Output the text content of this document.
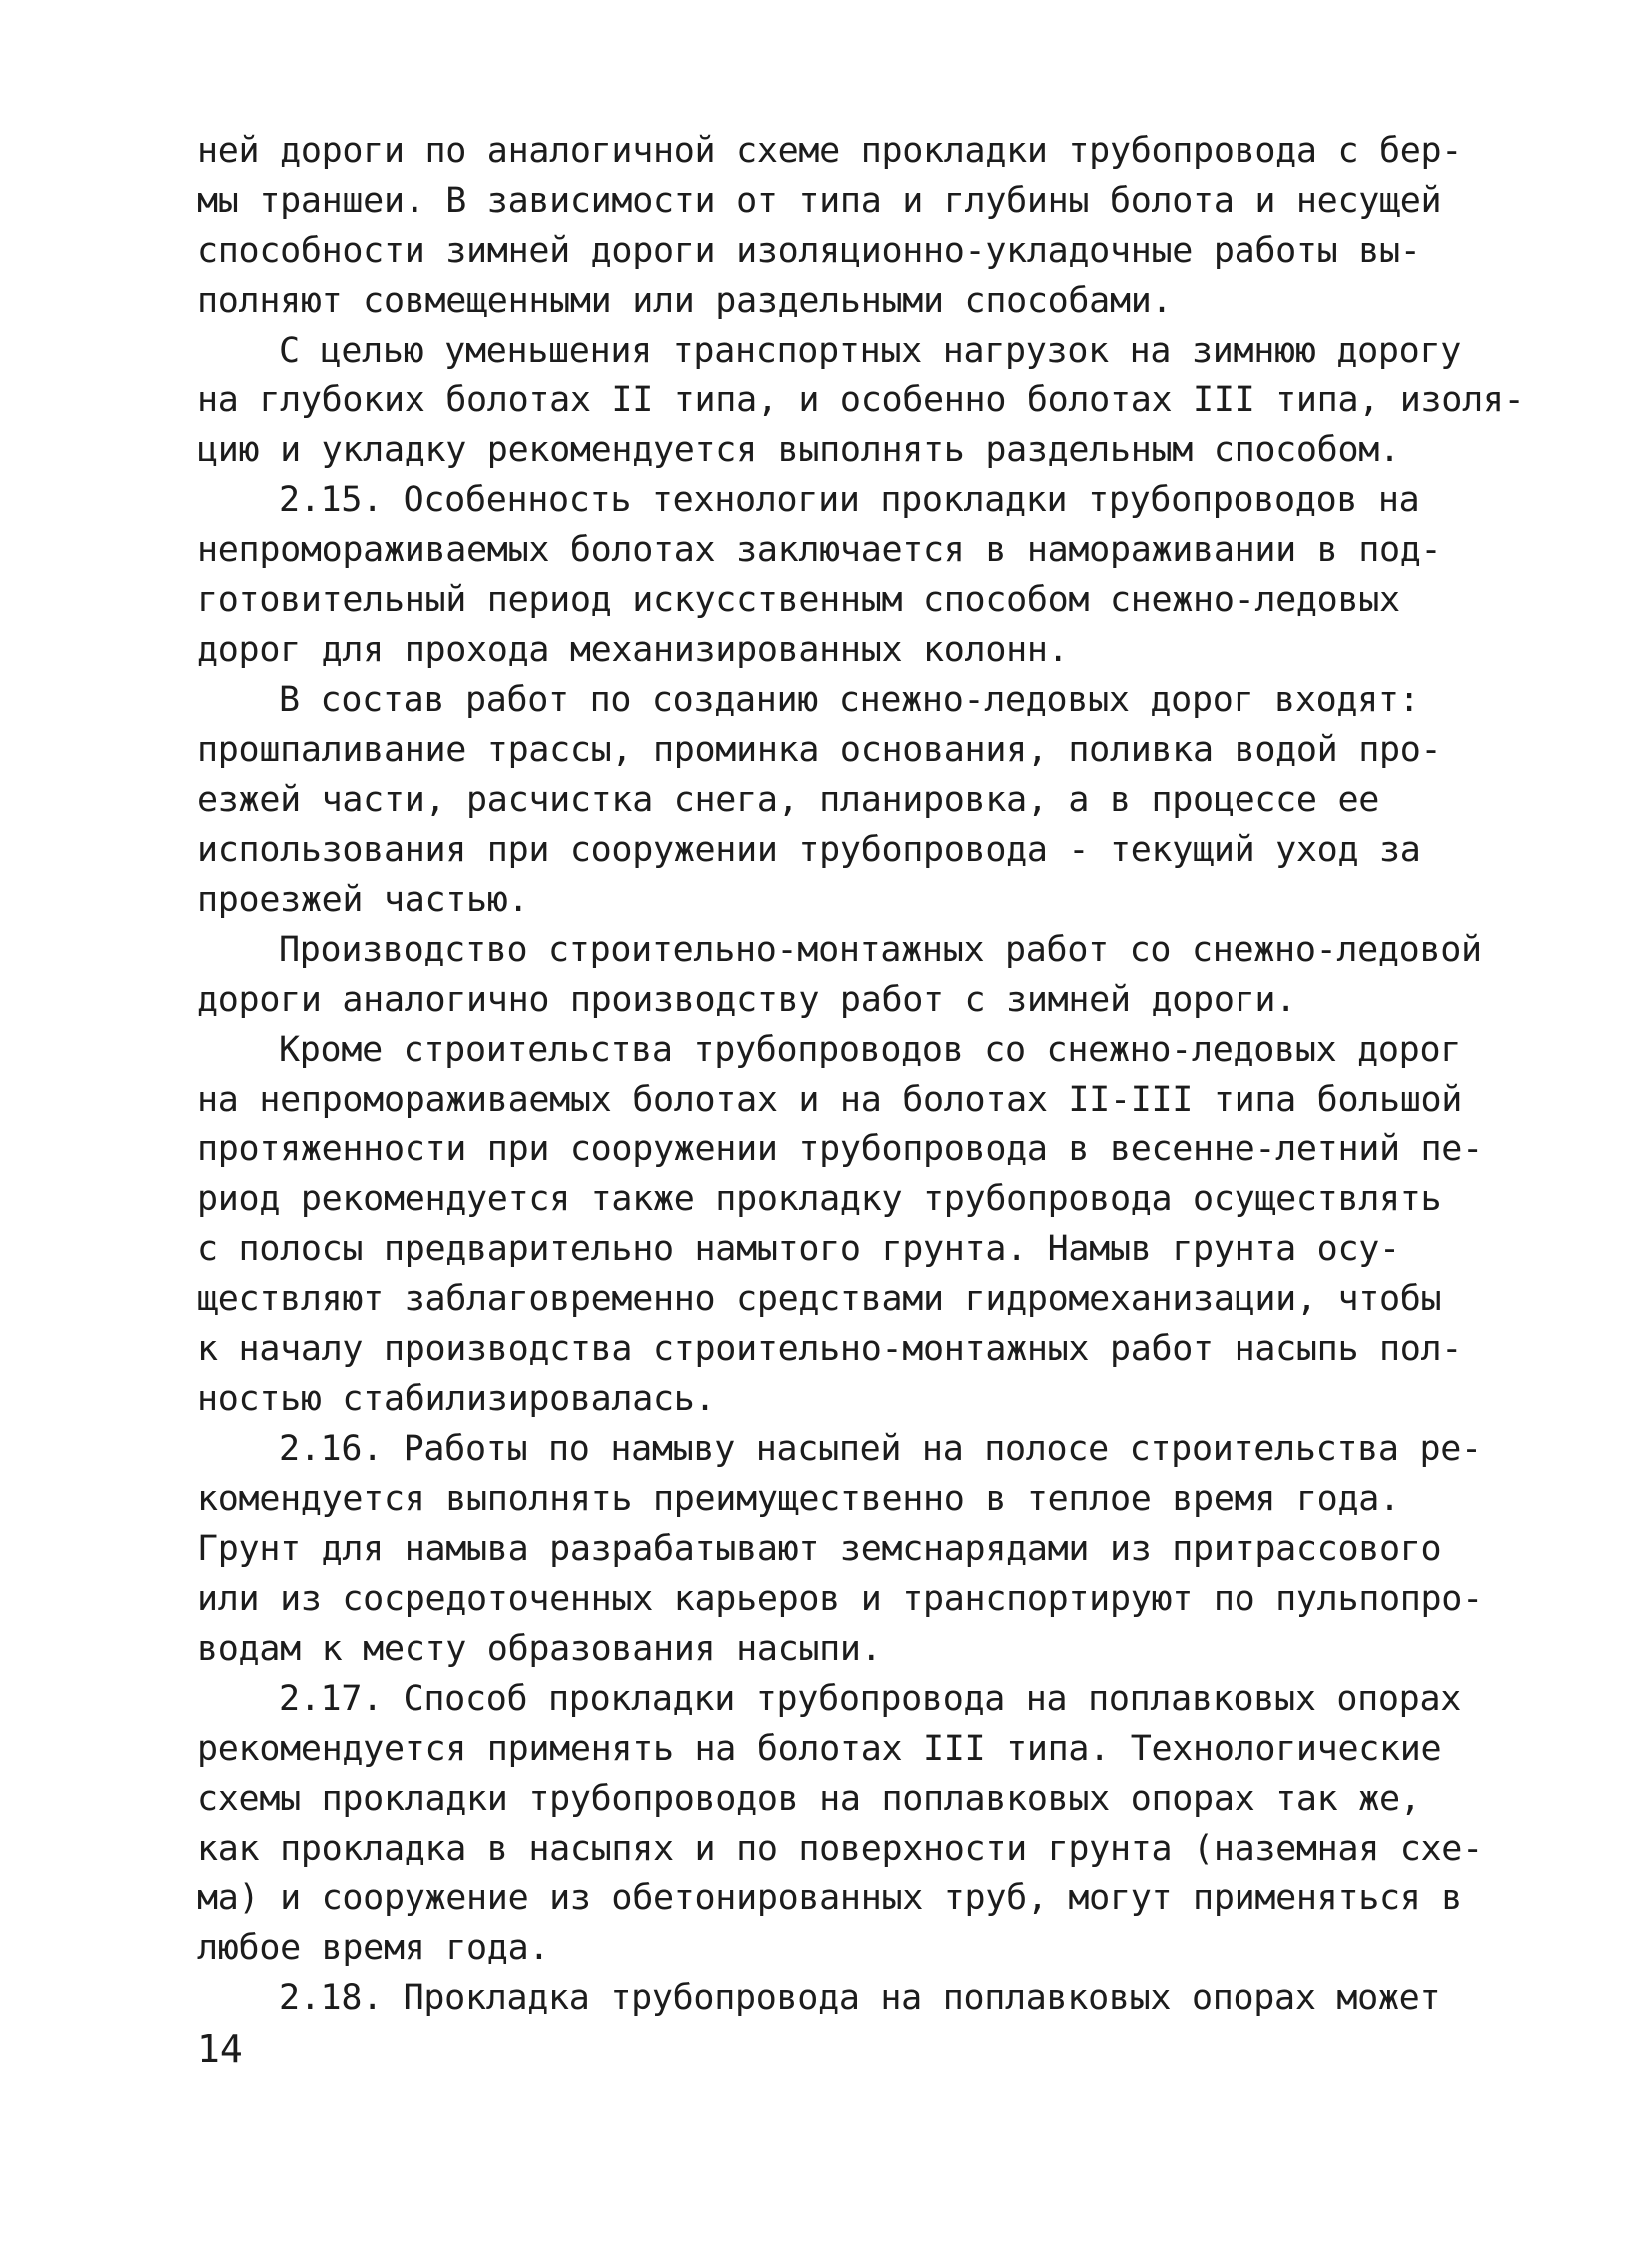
ней дороги по аналогичной схеме прокладки трубопровода с бер-
мы траншеи. В зависимости от типа и глубины болота и несущей
способности зимней дороги изоляционно-укладочные работы вы-
полняют совмещенными или раздельными способами.
С целью уменьшения транспортных нагрузок на зимнюю дорогу
на глубоких болотах II типа, и особенно болотах III типа, изоля-
цию и укладку рекомендуется выполнять раздельным способом.
2.15. Особенность технологии прокладки трубопроводов на
непромораживаемых болотах заключается в намораживании в под-
готовительный период искусственным способом снежно-ледовых
дорог для прохода механизированных колонн.
В состав работ по созданию снежно-ледовых дорог входят:
прошпаливание трассы, проминка основания, поливка водой про-
езжей части, расчистка снега, планировка, а в процессе ее
использования при сооружении трубопровода - текущий уход за
проезжей частью.
Производство строительно-монтажных работ со снежно-ледовой
дороги аналогично производству работ с зимней дороги.
Кроме строительства трубопроводов со снежно-ледовых дорог
на непромораживаемых болотах и на болотах II-III типа большой
протяженности при сооружении трубопровода в весенне-летний пе-
риод рекомендуется также прокладку трубопровода осуществлять
с полосы предварительно намытого грунта. Намыв грунта осу-
ществляют заблаговременно средствами гидромеханизации, чтобы
к началу производства строительно-монтажных работ насыпь пол-
ностью стабилизировалась.
2.16. Работы по намыву насыпей на полосе строительства ре-
комендуется выполнять преимущественно в теплое время года.
Грунт для намыва разрабатывают земснарядами из притрассового
или из сосредоточенных карьеров и транспортируют по пульпопро-
водам к месту образования насыпи.
2.17. Способ прокладки трубопровода на поплавковых опорах
рекомендуется применять на болотах III типа. Технологические
схемы прокладки трубопроводов на поплавковых опорах так же,
как прокладка в насыпях и по поверхности грунта (наземная схе-
ма) и сооружение из обетонированных труб, могут применяться в
любое время года.
2.18. Прокладка трубопровода на поплавковых опорах может
14
